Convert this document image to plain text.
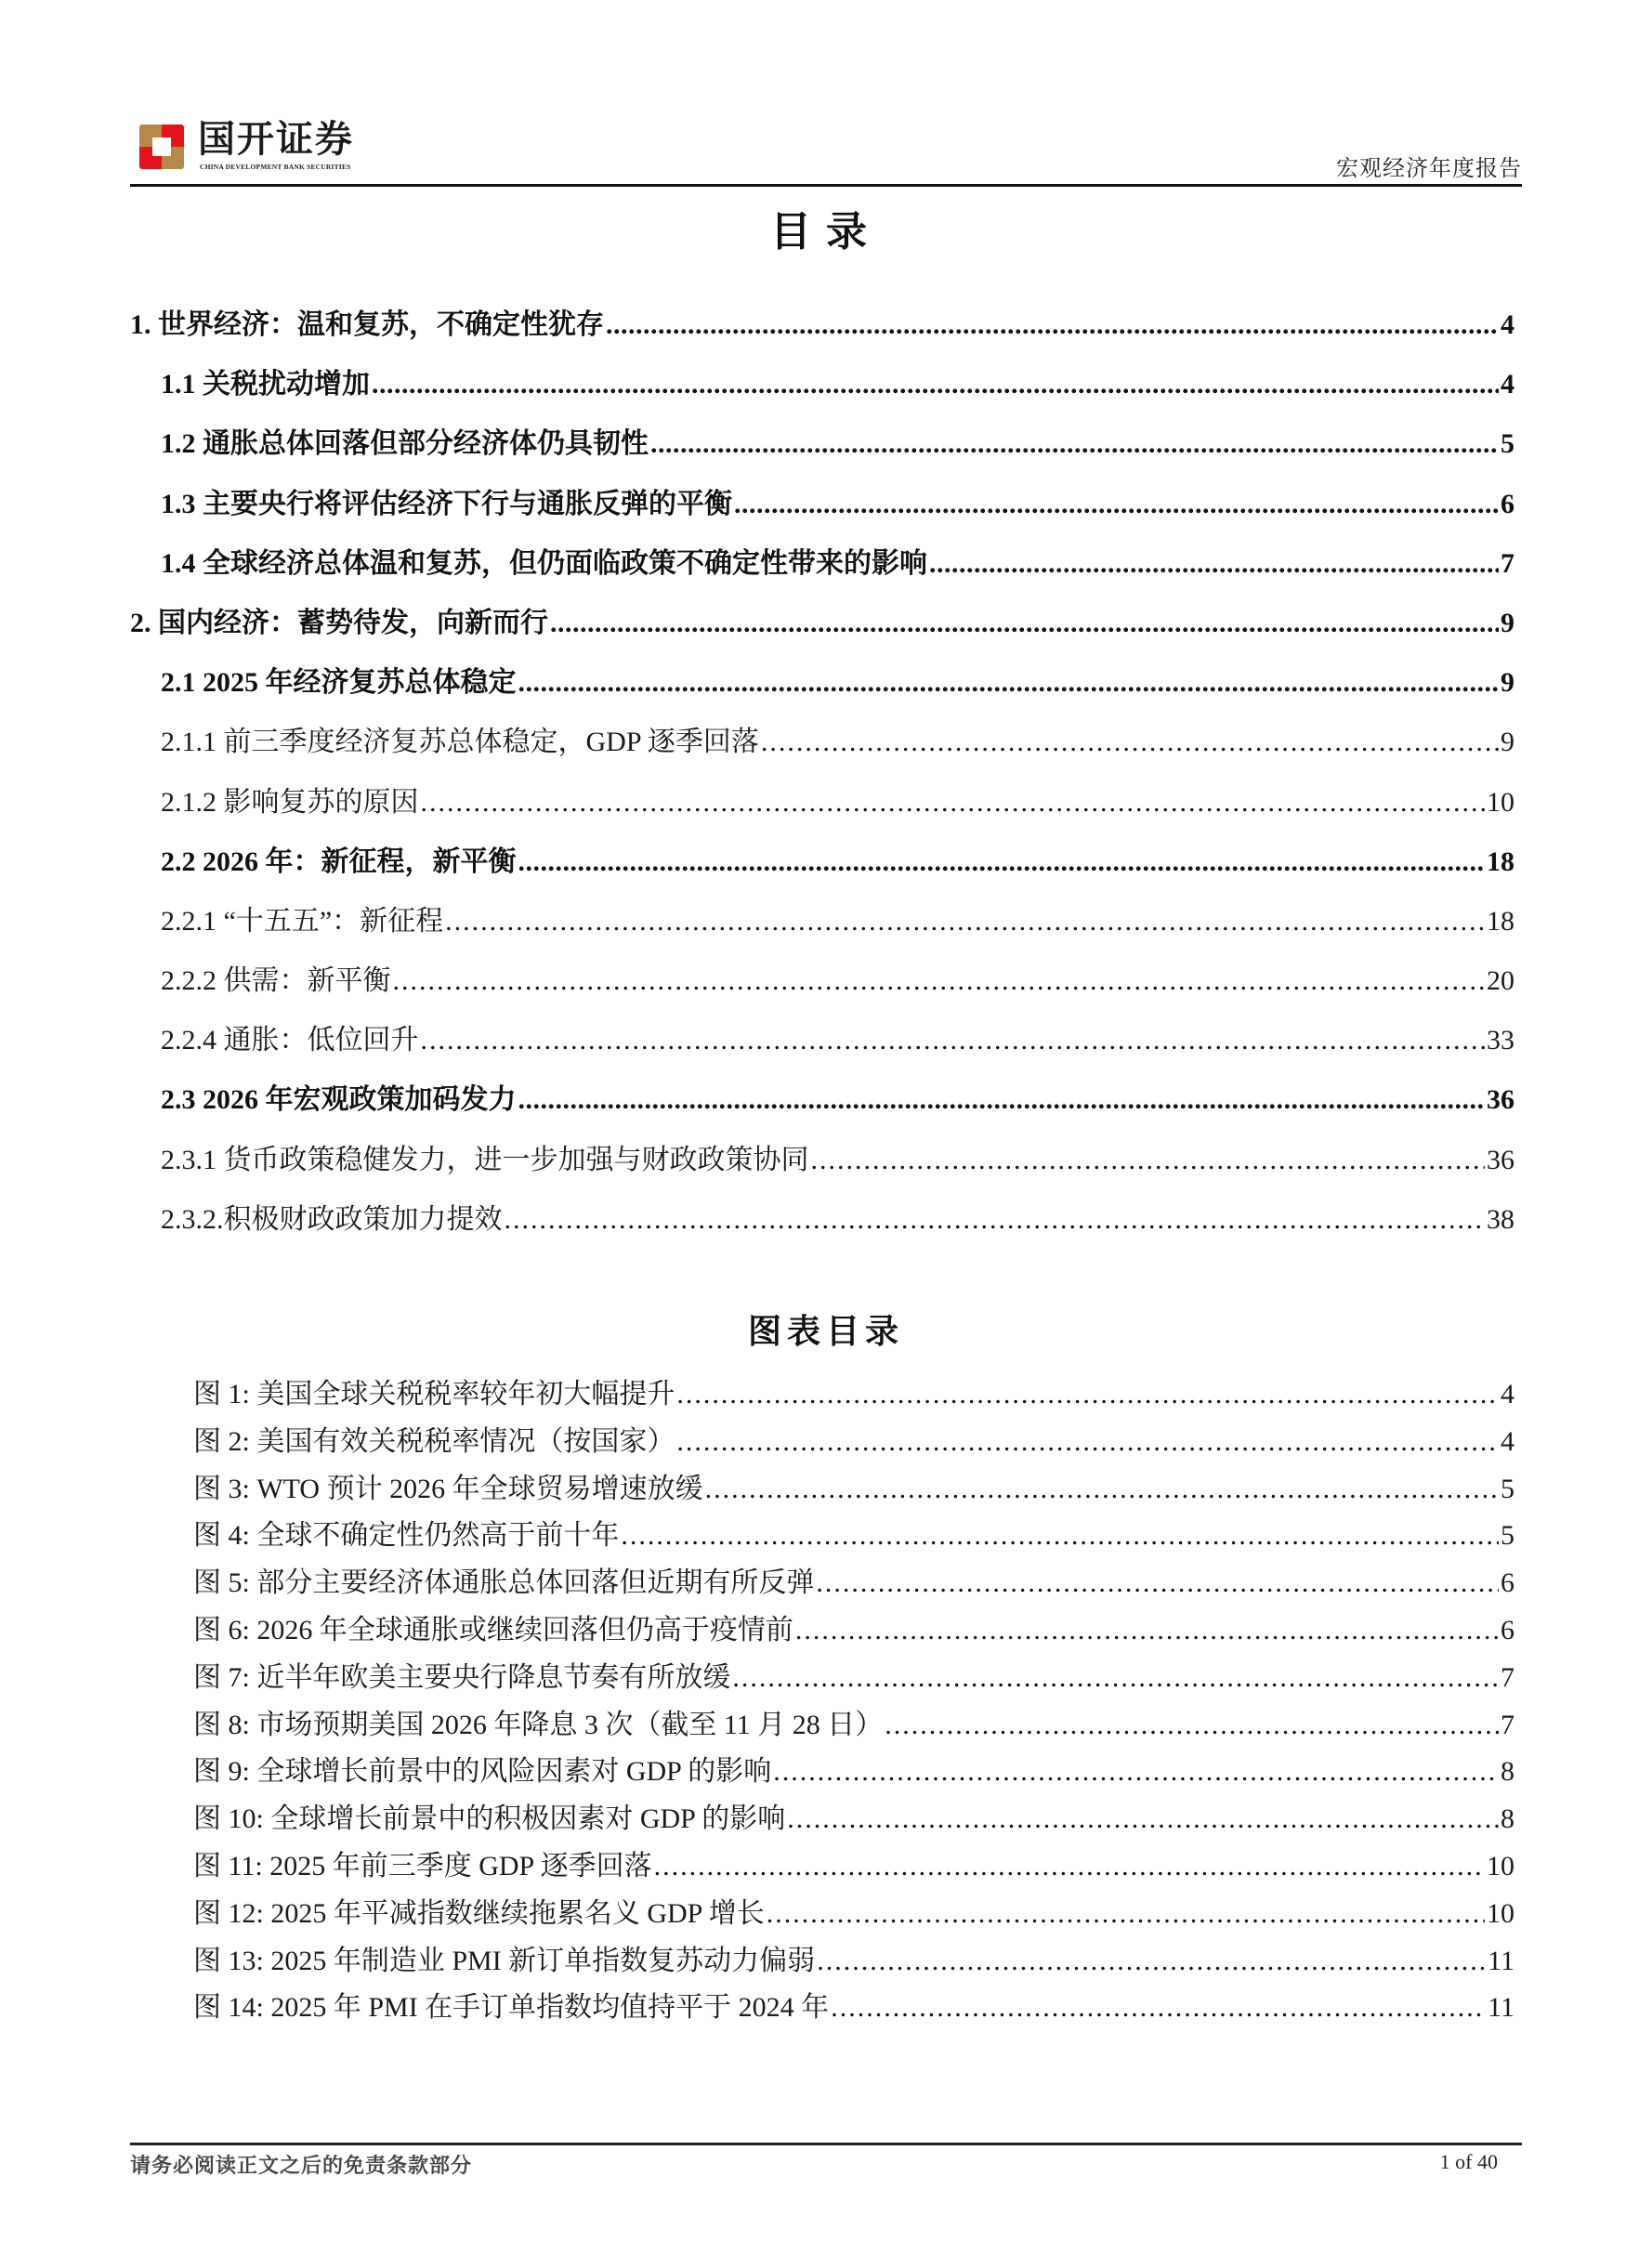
国开证券
CHINA DEVELOPMENT BANK SECURITIES	宏观经济年度报告
目录
1. 世界经济：温和复苏，不确定性犹存 .....	4
1.1 关税扰动增加 .....	4
1.2 通胀总体回落但部分经济体仍具韧性 .....	5
1.3 主要央行将评估经济下行与通胀反弹的平衡 .....	6
1.4 全球经济总体温和复苏，但仍面临政策不确定性带来的影响 .....	7
2. 国内经济：蓄势待发，向新而行 .....	9
2.1 2025 年经济复苏总体稳定 .....	9
2.1.1 前三季度经济复苏总体稳定，GDP 逐季回落 .....	9
2.1.2 影响复苏的原因 .....	10
2.2 2026 年：新征程，新平衡 .....	18
2.2.1 “十五五”：新征程 .....	18
2.2.2 供需：新平衡 .....	20
2.2.4 通胀：低位回升 .....	33
2.3 2026 年宏观政策加码发力 .....	36
2.3.1 货币政策稳健发力，进一步加强与财政政策协同 .....	36
2.3.2.积极财政政策加力提效 .....	38
图表目录
图 1: 美国全球关税税率较年初大幅提升 .....	4
图 2: 美国有效关税税率情况（按国家） .....	4
图 3: WTO 预计 2026 年全球贸易增速放缓 .....	5
图 4: 全球不确定性仍然高于前十年 .....	5
图 5: 部分主要经济体通胀总体回落但近期有所反弹 .....	6
图 6: 2026 年全球通胀或继续回落但仍高于疫情前 .....	6
图 7: 近半年欧美主要央行降息节奏有所放缓 .....	7
图 8: 市场预期美国 2026 年降息 3 次（截至 11 月 28 日） .....	7
图 9: 全球增长前景中的风险因素对 GDP 的影响 .....	8
图 10: 全球增长前景中的积极因素对 GDP 的影响 .....	8
图 11: 2025 年前三季度 GDP 逐季回落 .....	10
图 12: 2025 年平减指数继续拖累名义 GDP 增长 .....	10
图 13: 2025 年制造业 PMI 新订单指数复苏动力偏弱 .....	11
图 14: 2025 年 PMI 在手订单指数均值持平于 2024 年 .....	11
请务必阅读正文之后的免责条款部分	1 of 40
